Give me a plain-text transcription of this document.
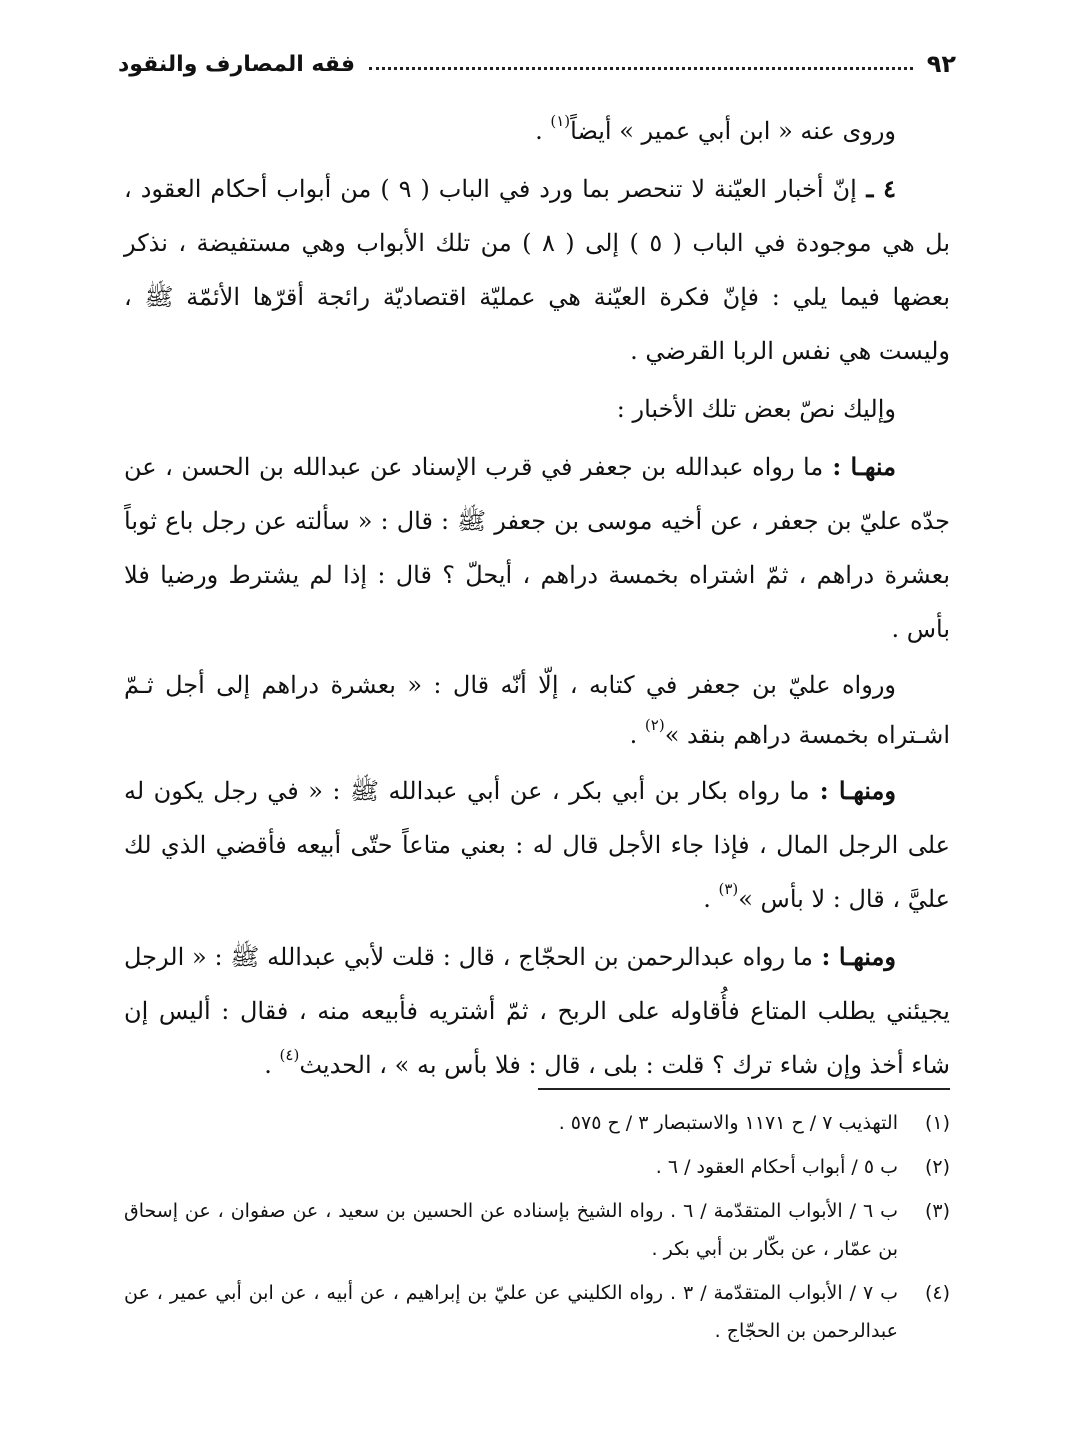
٩٢
فقه المصارف والنقود

وروى عنه « ابن أبي عمير » أيضاً$^{(١)}$ .

٤ ـ إنّ أخبار العيّنة لا تنحصر بما ورد في الباب ( ٩ ) من أبواب أحكام العقود ، بل هي موجودة في الباب ( ٥ ) إلى ( ٨ ) من تلك الأبواب وهي مستفيضة ، نذكر بعضها فيما يلي : فإنّ فكرة العيّنة هي عمليّة اقتصاديّة رائجة أقرّها الأئمّة ﷺ ، وليست هي نفس الربا القرضي .

وإليك نصّ بعض تلك الأخبار :

منهـا : ما رواه عبدالله بن جعفر في قرب الإسناد عن عبدالله بن الحسن ، عن جدّه عليّ بن جعفر ، عن أخيه موسى بن جعفر ﷺ : قال : « سألته عن رجل باع ثوباً بعشرة دراهم ، ثمّ اشتراه بخمسة دراهم ، أيحلّ ؟ قال : إذا لم يشترط ورضيا فلا بأس .

ورواه عليّ بن جعفر في كتابه ، إلّا أنّه قال : « بعشرة دراهم إلى أجل ثـمّ اشـتراه بخمسة دراهم بنقد »$^{(٢)}$ .

ومنهـا : ما رواه بكار بن أبي بكر ، عن أبي عبدالله ﷺ : « في رجل يكون له على الرجل المال ، فإذا جاء الأجل قال له : بعني متاعاً حتّى أبيعه فأقضي الذي لك عليَّ ، قال : لا بأس »$^{(٣)}$ .

ومنهـا : ما رواه عبدالرحمن بن الحجّاج ، قال : قلت لأبي عبدالله ﷺ : « الرجل يجيئني يطلب المتاع فأُقاوله على الربح ، ثمّ أشتريه فأبيعه منه ، فقال : أليس إن شاء أخذ وإن شاء ترك ؟ قلت : بلى ، قال : فلا بأس به » ، الحديث$^{(٤)}$ .

(١)
التهذيب ٧ / ح ١١٧١ والاستبصار ٣ / ح ٥٧٥ .
(٢)
ب ٥ / أبواب أحكام العقود / ٦ .
(٣)
ب ٦ / الأبواب المتقدّمة / ٦ . رواه الشيخ بإسناده عن الحسين بن سعيد ، عن صفوان ، عن إسحاق بن عمّار ، عن بكّار بن أبي بكر .
(٤)
ب ٧ / الأبواب المتقدّمة / ٣ . رواه الكليني عن عليّ بن إبراهيم ، عن أبيه ، عن ابن أبي عمير ، عن عبدالرحمن بن الحجّاج .
